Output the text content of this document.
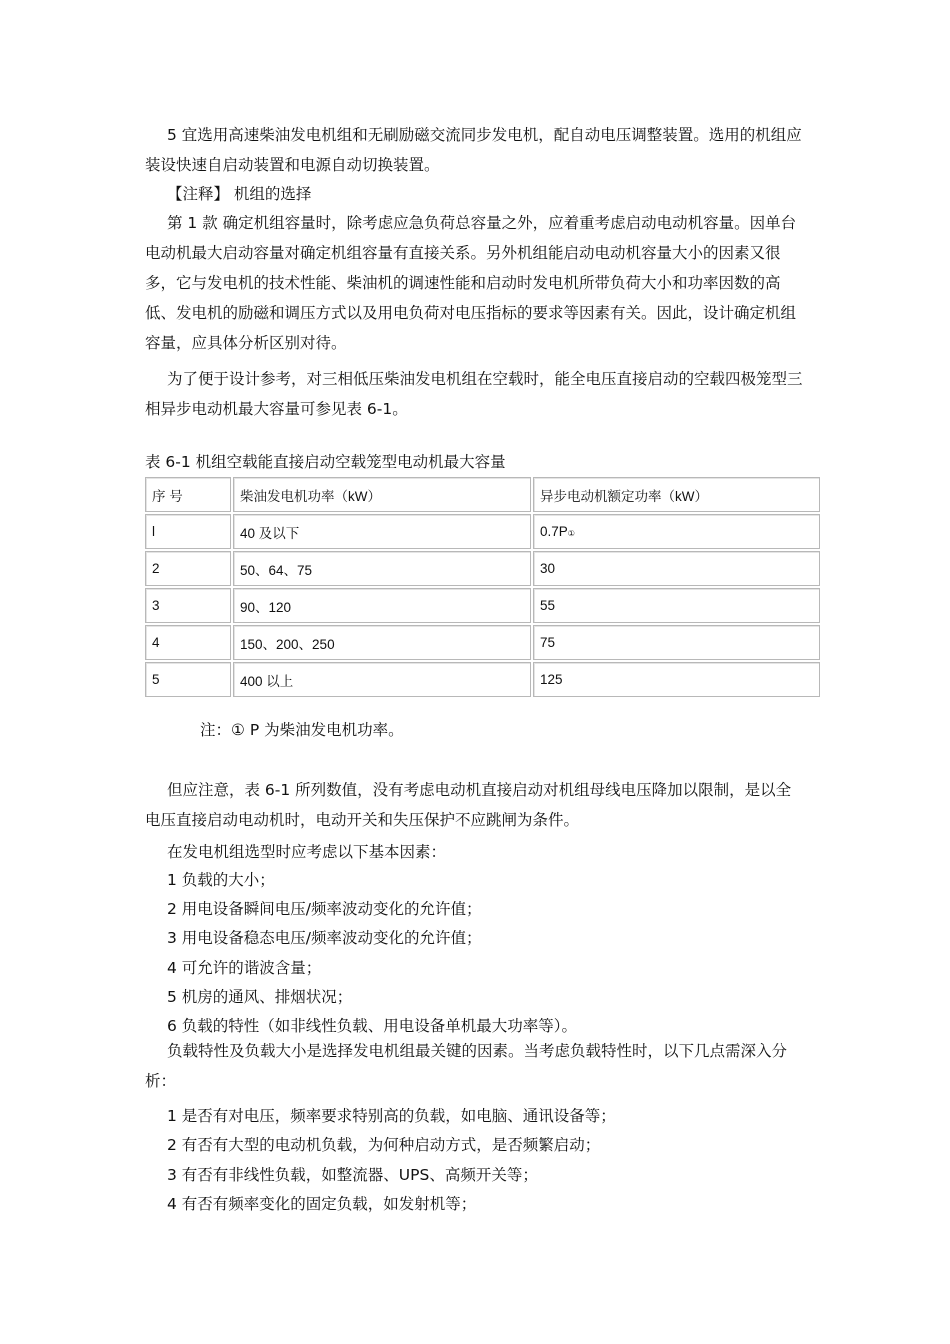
5 宜选用高速柴油发电机组和无刷励磁交流同步发电机，配自动电压调整装置。选用的机组应装设快速自启动装置和电源自动切换装置。

【注释】 机组的选择

第 1 款 确定机组容量时，除考虑应急负荷总容量之外，应着重考虑启动电动机容量。因单台电动机最大启动容量对确定机组容量有直接关系。另外机组能启动电动机容量大小的因素又很多，它与发电机的技术性能、柴油机的调速性能和启动时发电机所带负荷大小和功率因数的高低、发电机的励磁和调压方式以及用电负荷对电压指标的要求等因素有关。因此，设计确定机组容量，应具体分析区别对待。

为了便于设计参考，对三相低压柴油发电机组在空载时，能全电压直接启动的空载四极笼型三相异步电动机最大容量可参见表 6-1。

表 6-1 机组空载能直接启动空载笼型电动机最大容量
序 号	柴油发电机功率（kW）	异步电动机额定功率（kW）
l	40 及以下	0.7P①
2	50、64、75	30
3	90、120	55
4	150、200、250	75
5	400 以上	125
注：① P 为柴油发电机功率。

但应注意，表 6-1 所列数值，没有考虑电动机直接启动对机组母线电压降加以限制，是以全电压直接启动电动机时，电动开关和失压保护不应跳闸为条件。

在发电机组选型时应考虑以下基本因素：

1 负载的大小；

2 用电设备瞬间电压/频率波动变化的允许值；

3 用电设备稳态电压/频率波动变化的允许值；

4 可允许的谐波含量；

5 机房的通风、排烟状况；

6 负载的特性（如非线性负载、用电设备单机最大功率等）。

负载特性及负载大小是选择发电机组最关键的因素。当考虑负载特性时，以下几点需深入分析：

1 是否有对电压，频率要求特别高的负载，如电脑、通讯设备等；

2 有否有大型的电动机负载，为何种启动方式，是否频繁启动；

3 有否有非线性负载，如整流器、UPS、高频开关等；

4 有否有频率变化的固定负载，如发射机等；
